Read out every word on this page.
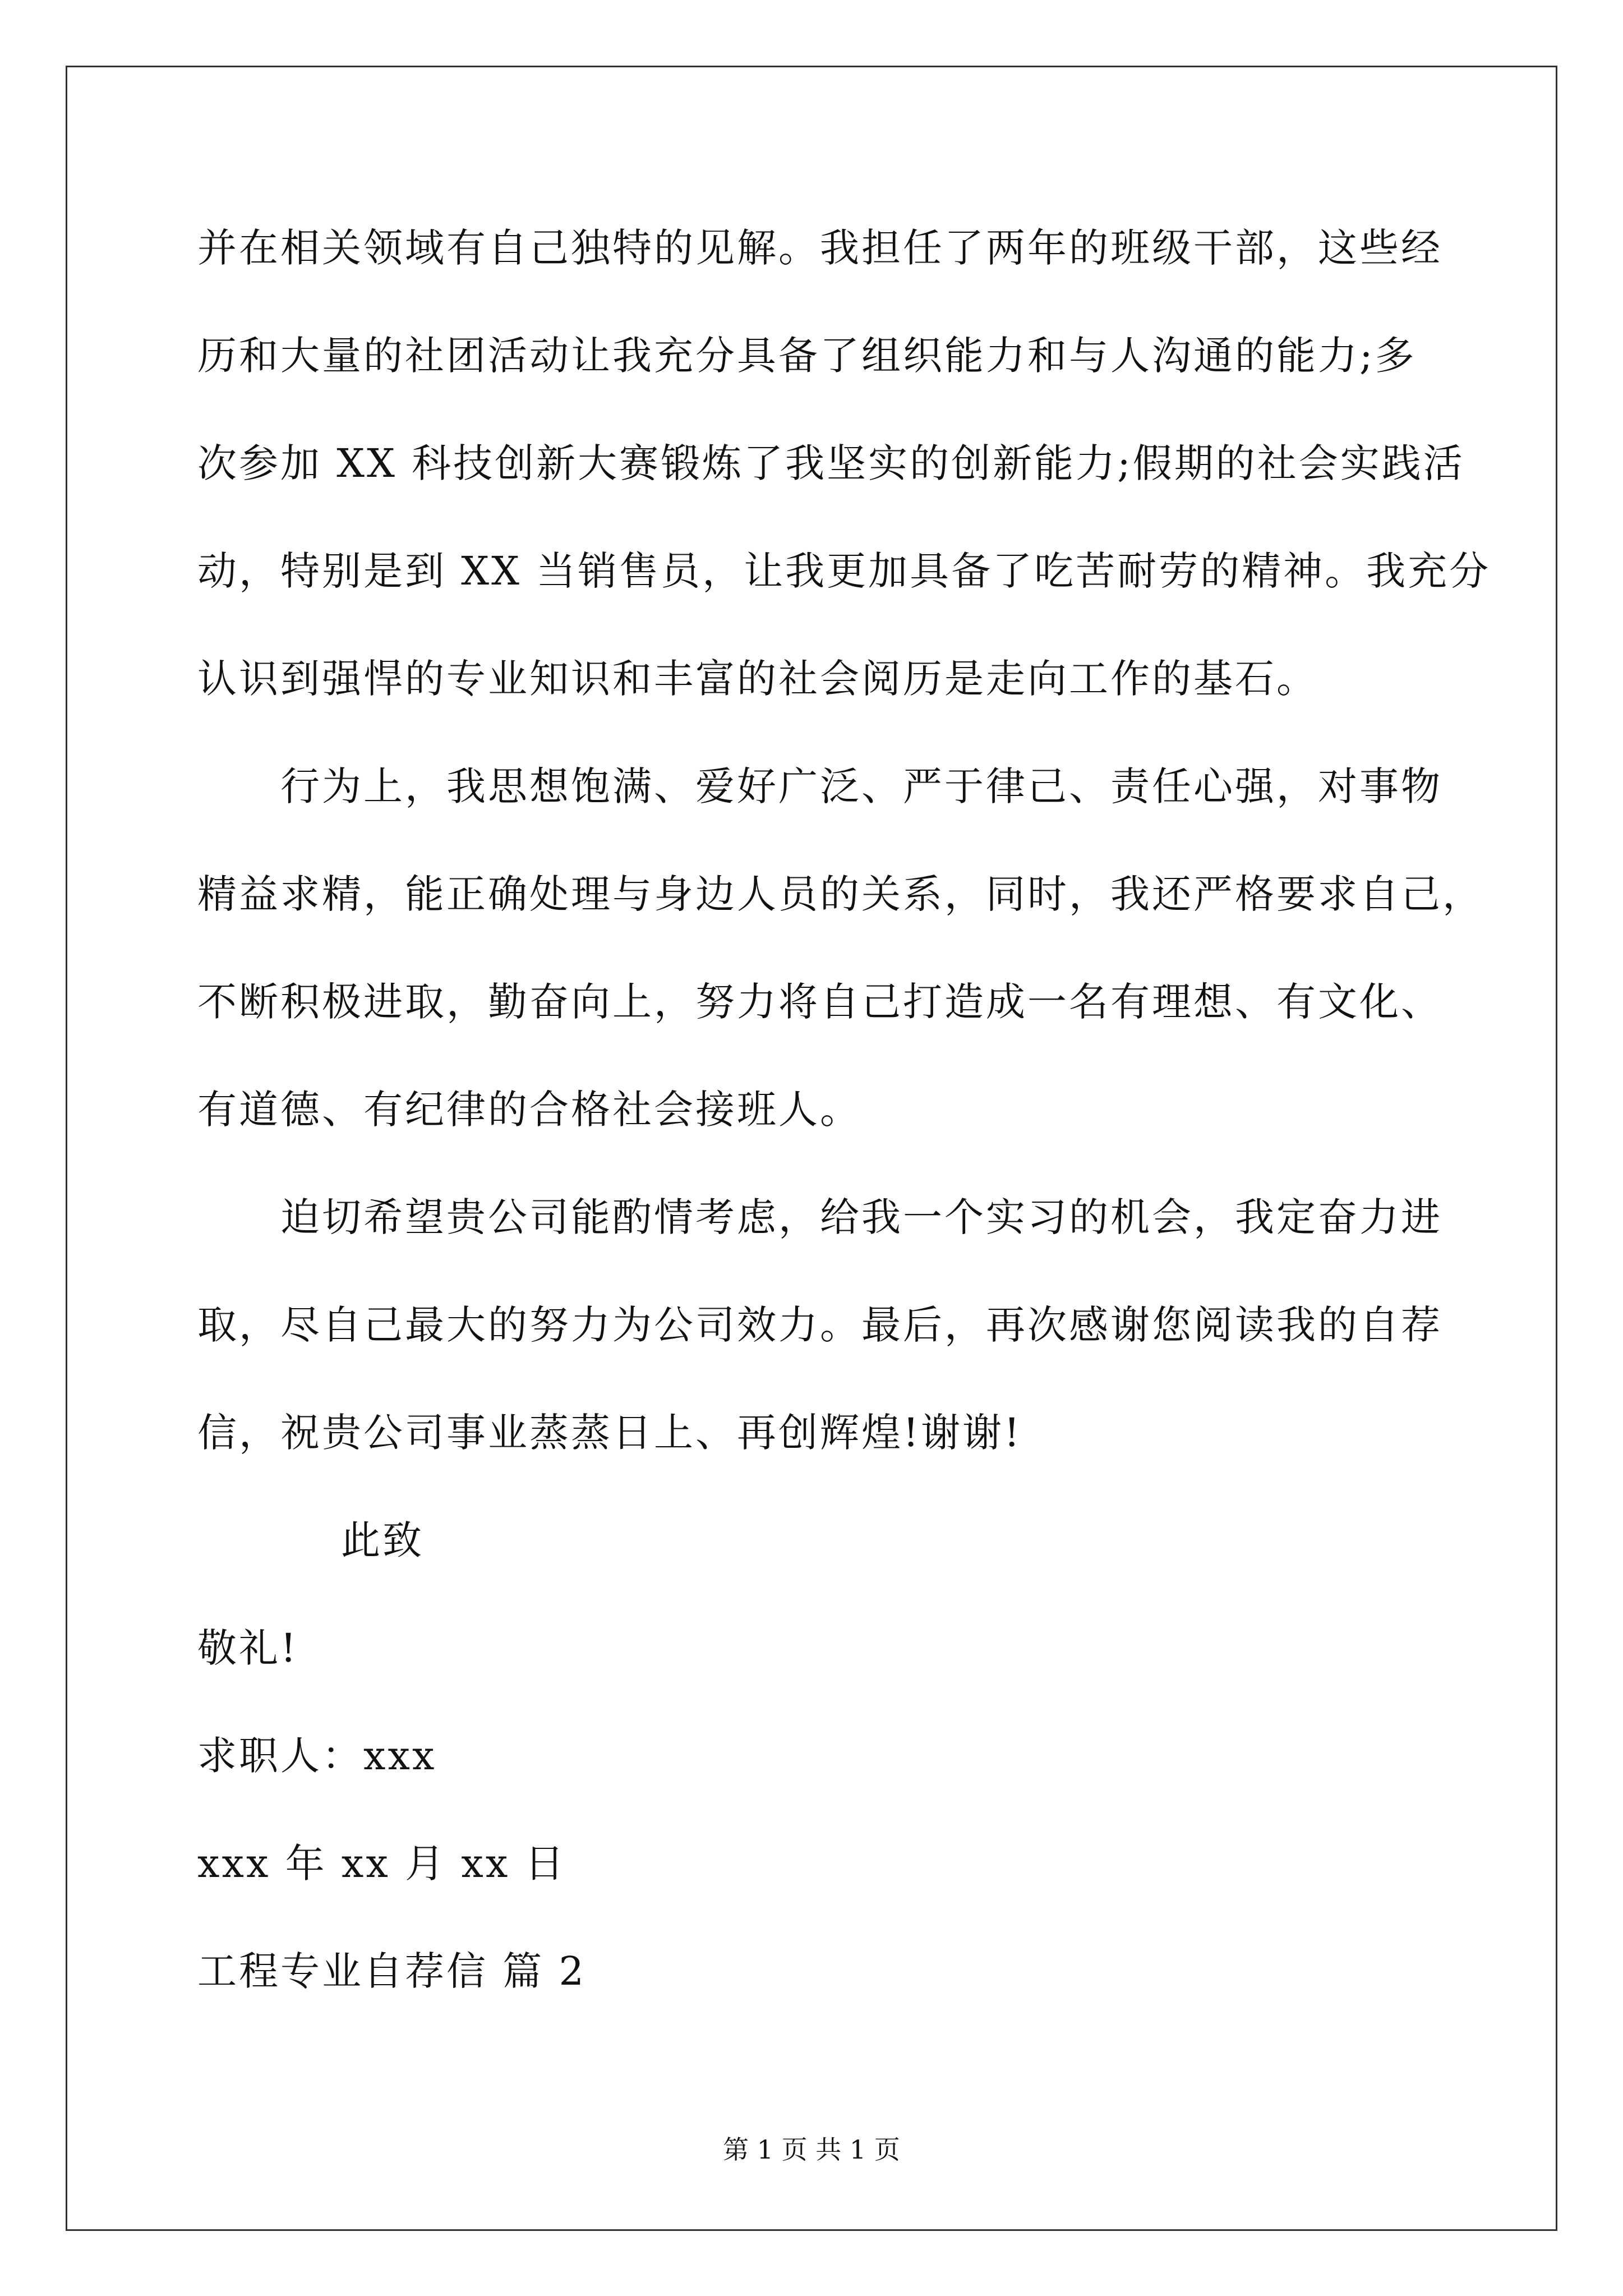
并在相关领域有自己独特的见解。我担任了两年的班级干部，这些经
历和大量的社团活动让我充分具备了组织能力和与人沟通的能力;多
次参加 XX 科技创新大赛锻炼了我坚实的创新能力;假期的社会实践活
动，特别是到 XX 当销售员，让我更加具备了吃苦耐劳的精神。我充分
认识到强悍的专业知识和丰富的社会阅历是走向工作的基石。
行为上，我思想饱满、爱好广泛、严于律己、责任心强，对事物
精益求精，能正确处理与身边人员的关系，同时，我还严格要求自己，
不断积极进取，勤奋向上，努力将自己打造成一名有理想、有文化、
有道德、有纪律的合格社会接班人。
迫切希望贵公司能酌情考虑，给我一个实习的机会，我定奋力进
取，尽自己最大的努力为公司效力。最后，再次感谢您阅读我的自荐
信，祝贵公司事业蒸蒸日上、再创辉煌!谢谢!
此致
敬礼!
求职人：xxx
xxx 年 xx 月 xx 日
工程专业自荐信 篇 2
第 1 页 共 1 页
